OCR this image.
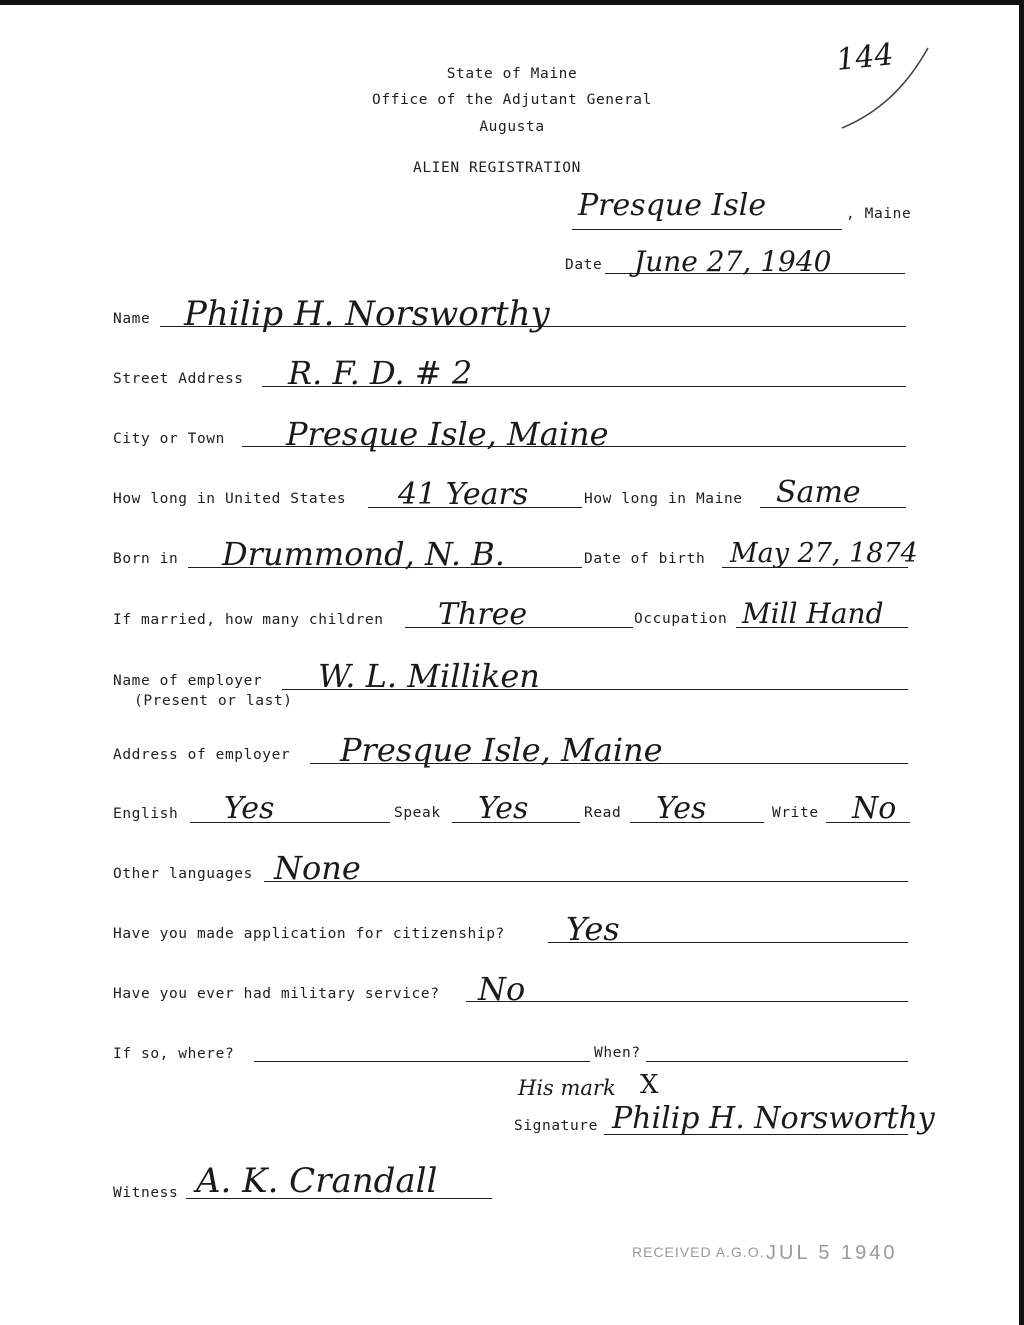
State of Maine
Office of the Adjutant General
Augusta
ALIEN REGISTRATION
144
Presque Isle	, Maine
Date June 27, 1940
Name Philip H. Norsworthy
Street Address R. F. D. # 2
City or Town Presque Isle, Maine
How long in United States 41 Years	How long in Maine Same
Born in Drummond, N. B.	Date of birth May 27, 1874
If married, how many children Three	Occupation Mill Hand
Name of employer
(Present or last)
W. L. Milliken
Address of employer Presque Isle, Maine
English Yes	Speak Yes	Read Yes	Write No
Other languages None
Have you made application for citizenship? Yes
Have you ever had military service? No
If so, where?	When?
His mark X
Signature Philip H. Norsworthy
Witness A. K. Crandall
RECEIVED A.G.O. JUL 5 1940
